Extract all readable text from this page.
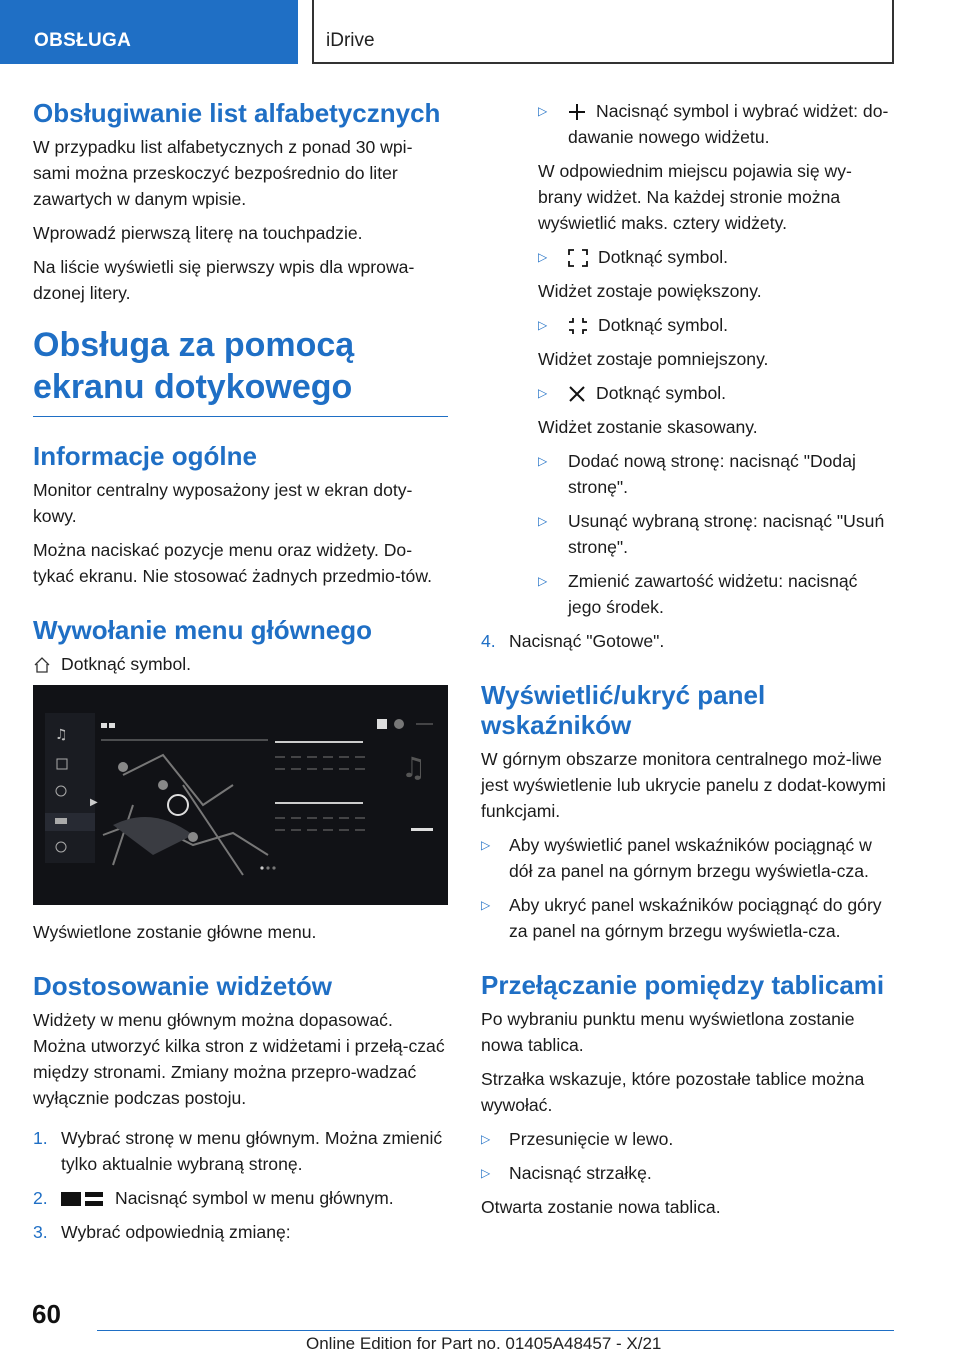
OBSŁUGA	iDrive
Obsługiwanie list alfabetycznych

W przypadku list alfabetycznych z ponad 30 wpi-sami można przeskoczyć bezpośrednio do liter zawartych w danym wpisie.

Wprowadź pierwszą literę na touchpadzie.

Na liście wyświetli się pierwszy wpis dla wprowa-dzonej litery.

Obsługa za pomocą ekranu dotykowego
Informacje ogólne

Monitor centralny wyposażony jest w ekran doty-kowy.

Można naciskać pozycje menu oraz widżety. Do-tykać ekranu. Nie stosować żadnych przedmio-tów.

Wywołanie menu głównego

Dotknąć symbol.

♫
▶
♫

Wyświetlone zostanie główne menu.

Dostosowanie widżetów

Widżety w menu głównym można dopasować. Można utworzyć kilka stron z widżetami i przełą-czać między stronami. Zmiany można przepro-wadzać wyłącznie podczas postoju.

1. Wybrać stronę w menu głównym. Można zmienić tylko aktualnie wybraną stronę.
2.	Nacisnąć symbol w menu głównym.
3. Wybrać odpowiednią zmianę:
▷	Nacisnąć symbol i wybrać widżet: do-dawanie nowego widżetu.

W odpowiednim miejscu pojawia się wy-brany widżet. Na każdej stronie można wyświetlić maks. cztery widżety.

▷	Dotknąć symbol.

Widżet zostaje powiększony.

▷	Dotknąć symbol.

Widżet zostaje pomniejszony.

▷	Dotknąć symbol.

Widżet zostanie skasowany.

▷	Dodać nową stronę: nacisnąć "Dodaj stronę".
▷	Usunąć wybraną stronę: nacisnąć "Usuń stronę".
▷	Zmienić zawartość widżetu: nacisnąć jego środek.
4. Nacisnąć "Gotowe".
Wyświetlić/ukryć panel wskaźników

W górnym obszarze monitora centralnego moż-liwe jest wyświetlenie lub ukrycie panelu z dodat-kowymi funkcjami.

▷	Aby wyświetlić panel wskaźników pociągnąć w dół za panel na górnym brzegu wyświetla-cza.
▷	Aby ukryć panel wskaźników pociągnąć do góry za panel na górnym brzegu wyświetla-cza.
Przełączanie pomiędzy tablicami

Po wybraniu punktu menu wyświetlona zostanie nowa tablica.

Strzałka wskazuje, które pozostałe tablice można wywołać.

▷	Przesunięcie w lewo.
▷	Nacisnąć strzałkę.

Otwarta zostanie nowa tablica.

60
Online Edition for Part no. 01405A48457 - X/21
